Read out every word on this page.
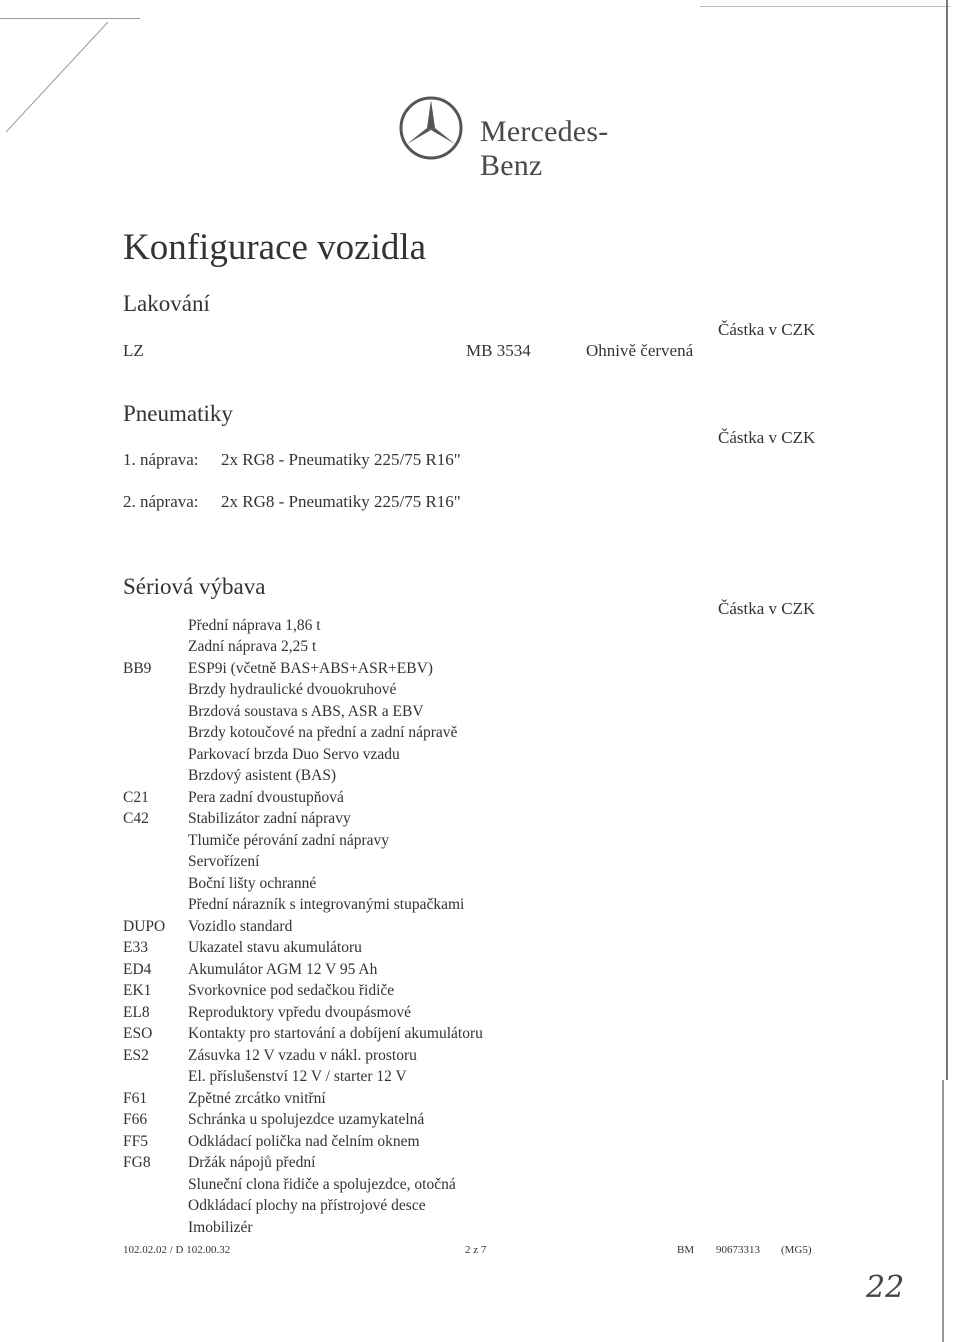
Mercedes-Benz
Konfigurace vozidla
Lakování
Částka v CZK
LZ	MB 3534	Ohnivě červená
Pneumatiky
Částka v CZK
1. náprava: 2x RG8 - Pneumatiky 225/75 R16"
2. náprava: 2x RG8 - Pneumatiky 225/75 R16"
Sériová výbava
Částka v CZK
Přední náprava 1,86 t
Zadní náprava 2,25 t
BB9 ESP9i (včetně BAS+ABS+ASR+EBV)
Brzdy hydraulické dvouokruhové
Brzdová soustava s ABS, ASR a EBV
Brzdy kotoučové na přední a zadní nápravě
Parkovací brzda Duo Servo vzadu
Brzdový asistent (BAS)
C21	Pera zadní dvoustupňová
C42	Stabilizátor zadní nápravy
Tlumiče pérování zadní nápravy
Servořízení
Boční lišty ochranné
Přední nárazník s integrovanými stupačkami
DUPO Vozidlo standard
E33	Ukazatel stavu akumulátoru
ED4 Akumulátor AGM 12 V 95 Ah
EK1 Svorkovnice pod sedačkou řidiče
EL8 Reproduktory vpředu dvoupásmové
ESO Kontakty pro startování a dobíjení akumulátoru
ES2	Zásuvka 12 V vzadu v nákl. prostoru
El. příslušenství 12 V / starter 12 V
F61	Zpětné zrcátko vnitřní
F66	Schránka u spolujezdce uzamykatelná
FF5	Odkládací polička nad čelním oknem
FG8 Držák nápojů přední
Sluneční clona řidiče a spolujezdce, otočná
Odkládací plochy na přístrojové desce
Imobilizér
102.02.02 / D 102.00.32	2 z 7	BM 90673313 (MG5)
22
